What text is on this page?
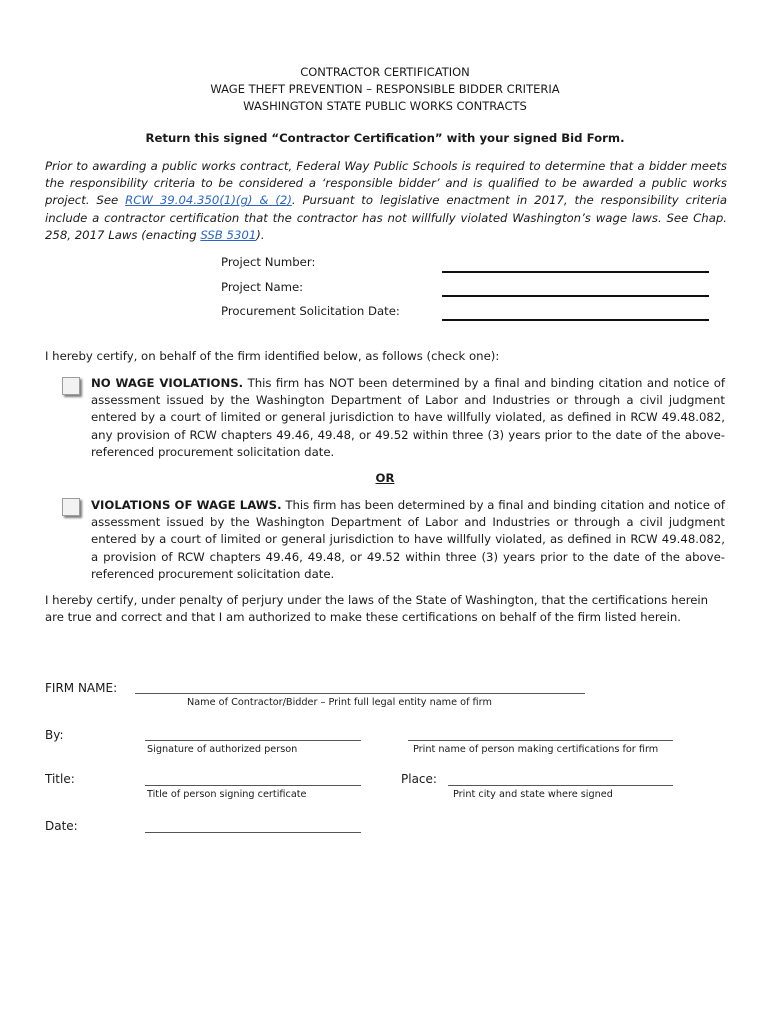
CONTRACTOR CERTIFICATION
WAGE THEFT PREVENTION – RESPONSIBLE BIDDER CRITERIA
WASHINGTON STATE PUBLIC WORKS CONTRACTS
Return this signed “Contractor Certification” with your signed Bid Form.
Prior to awarding a public works contract, Federal Way Public Schools is required to determine that a bidder meets the responsibility criteria to be considered a ‘responsible bidder’ and is qualified to be awarded a public works project. See RCW 39.04.350(1)(g) & (2). Pursuant to legislative enactment in 2017, the responsibility criteria include a contractor certification that the contractor has not willfully violated Washington’s wage laws. See Chap. 258, 2017 Laws (enacting SSB 5301).
Project Number:
Project Name:
Procurement Solicitation Date:
I hereby certify, on behalf of the firm identified below, as follows (check one):
NO WAGE VIOLATIONS. This firm has NOT been determined by a final and binding citation and notice of assessment issued by the Washington Department of Labor and Industries or through a civil judgment entered by a court of limited or general jurisdiction to have willfully violated, as defined in RCW 49.48.082, any provision of RCW chapters 49.46, 49.48, or 49.52 within three (3) years prior to the date of the above-referenced procurement solicitation date.
OR
VIOLATIONS OF WAGE LAWS. This firm has been determined by a final and binding citation and notice of assessment issued by the Washington Department of Labor and Industries or through a civil judgment entered by a court of limited or general jurisdiction to have willfully violated, as defined in RCW 49.48.082, a provision of RCW chapters 49.46, 49.48, or 49.52 within three (3) years prior to the date of the above-referenced procurement solicitation date.
I hereby certify, under penalty of perjury under the laws of the State of Washington, that the certifications herein are true and correct and that I am authorized to make these certifications on behalf of the firm listed herein.
FIRM NAME:
Name of Contractor/Bidder – Print full legal entity name of firm
By:
Signature of authorized person	Print name of person making certifications for firm
Title:
Title of person signing certificate
Place:
Print city and state where signed
Date:
